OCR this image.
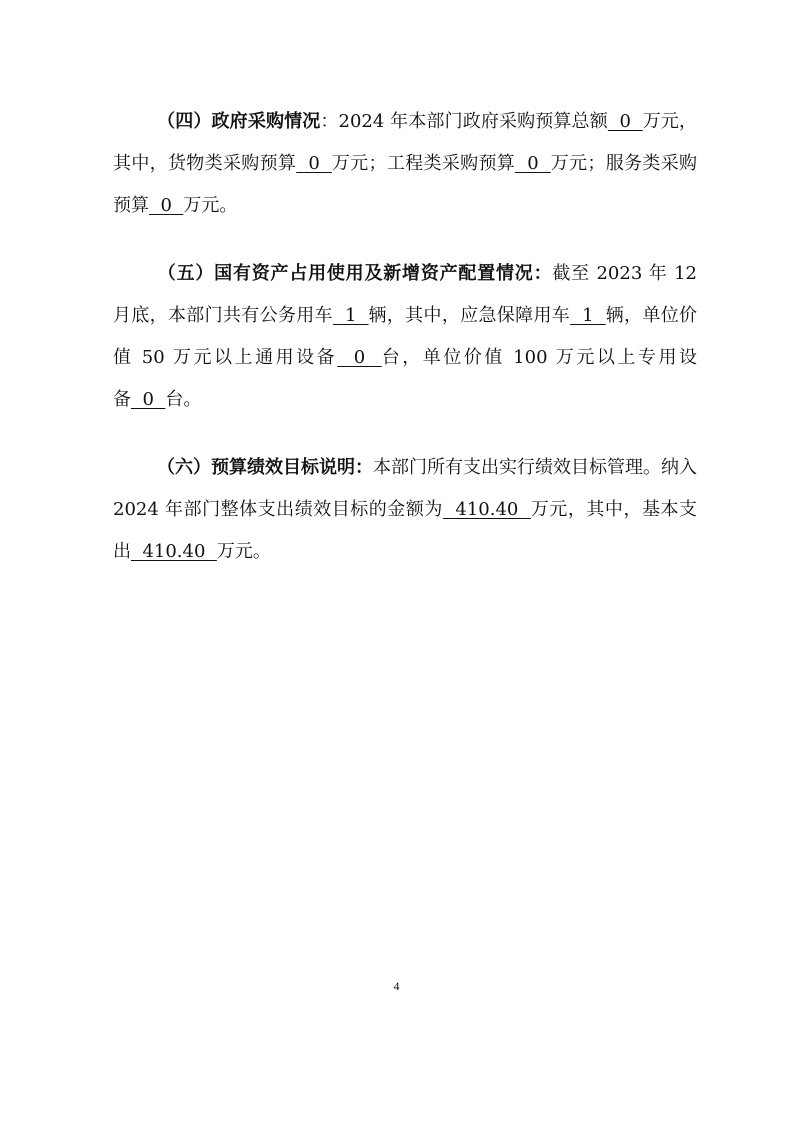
（四）政府采购情况：2024 年本部门政府采购预算总额  0  万元，其中，货物类采购预算  0  万元；工程类采购预算  0  万元；服务类采购预算  0  万元。

（五）国有资产占用使用及新增资产配置情况：截至 2023 年 12 月底，本部门共有公务用车  1  辆，其中，应急保障用车  1  辆，单位价值 50 万元以上通用设备  0  台，单位价值 100 万元以上专用设备  0  台。

（六）预算绩效目标说明：本部门所有支出实行绩效目标管理。纳入 2024 年部门整体支出绩效目标的金额为  410.40  万元，其中，基本支出  410.40  万元。

4
